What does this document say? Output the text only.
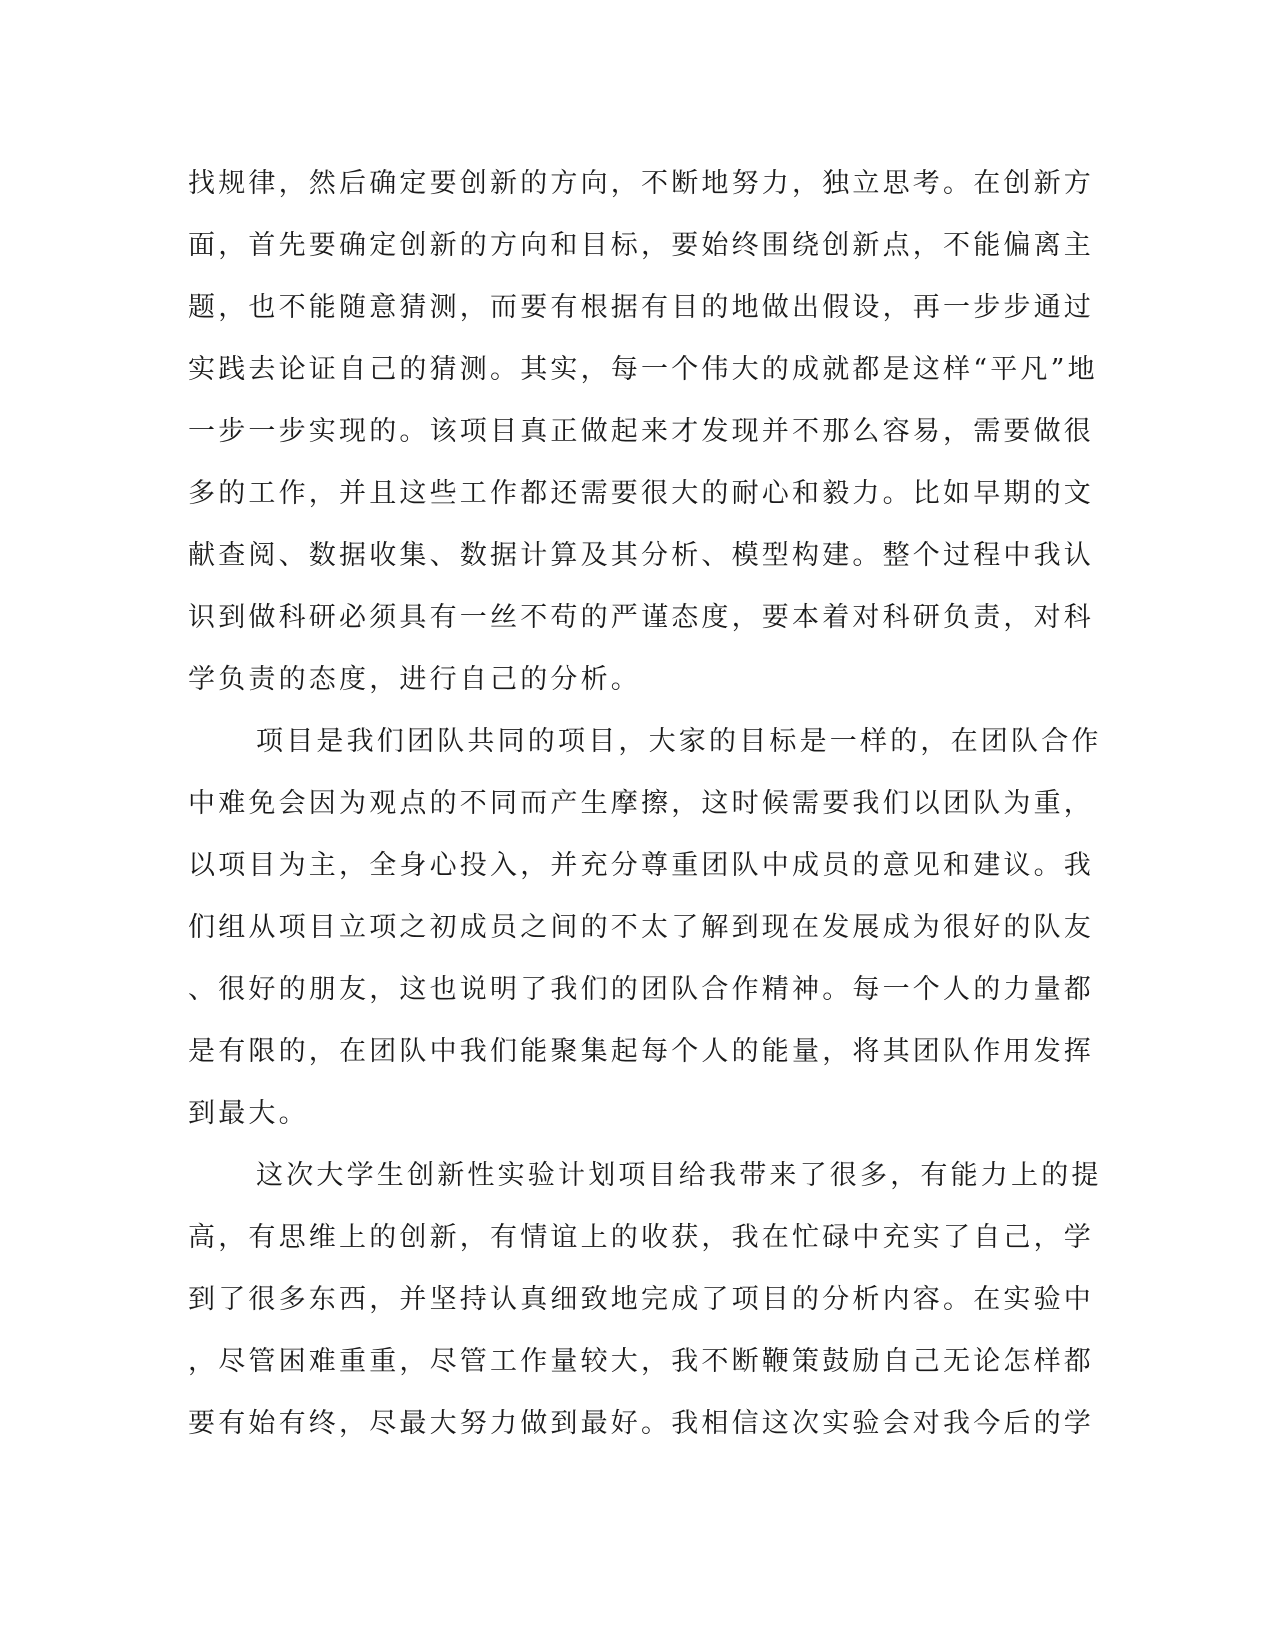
找规律，然后确定要创新的方向，不断地努力，独立思考。在创新方
面，首先要确定创新的方向和目标，要始终围绕创新点，不能偏离主
题，也不能随意猜测，而要有根据有目的地做出假设，再一步步通过
实践去论证自己的猜测。其实，每一个伟大的成就都是这样“平凡”地
一步一步实现的。该项目真正做起来才发现并不那么容易，需要做很
多的工作，并且这些工作都还需要很大的耐心和毅力。比如早期的文
献查阅、数据收集、数据计算及其分析、模型构建。整个过程中我认
识到做科研必须具有一丝不苟的严谨态度，要本着对科研负责，对科
学负责的态度，进行自己的分析。

项目是我们团队共同的项目，大家的目标是一样的，在团队合作
中难免会因为观点的不同而产生摩擦，这时候需要我们以团队为重，
以项目为主，全身心投入，并充分尊重团队中成员的意见和建议。我
们组从项目立项之初成员之间的不太了解到现在发展成为很好的队友
、很好的朋友，这也说明了我们的团队合作精神。每一个人的力量都
是有限的，在团队中我们能聚集起每个人的能量，将其团队作用发挥
到最大。

这次大学生创新性实验计划项目给我带来了很多，有能力上的提
高，有思维上的创新，有情谊上的收获，我在忙碌中充实了自己，学
到了很多东西，并坚持认真细致地完成了项目的分析内容。在实验中
，尽管困难重重，尽管工作量较大，我不断鞭策鼓励自己无论怎样都
要有始有终，尽最大努力做到最好。我相信这次实验会对我今后的学
